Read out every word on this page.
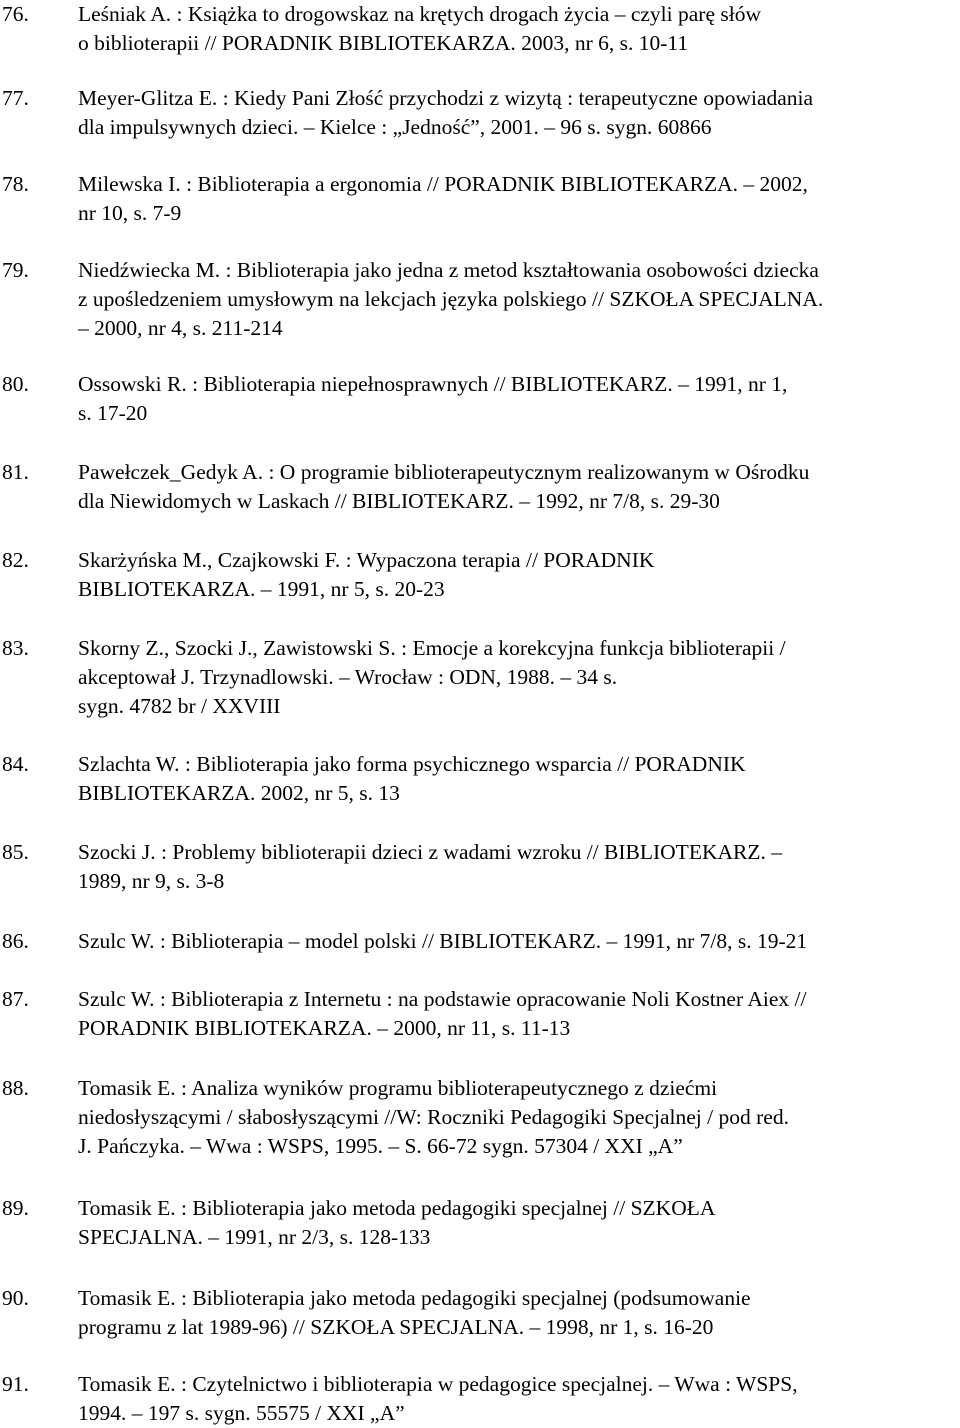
76. Leśniak A. : Książka to drogowskaz na krętych drogach życia – czyli parę słów
o biblioterapii // PORADNIK BIBLIOTEKARZA. 2003, nr 6, s. 10-11
77. Meyer-Glitza E. : Kiedy Pani Złość przychodzi z wizytą : terapeutyczne opowiadania
dla impulsywnych dzieci. – Kielce : „Jedność”, 2001. – 96 s. sygn. 60866
78. Milewska I. : Biblioterapia a ergonomia // PORADNIK BIBLIOTEKARZA. – 2002,
nr 10, s. 7-9
79. Niedźwiecka M. : Biblioterapia jako jedna z metod kształtowania osobowości dziecka
z upośledzeniem umysłowym na lekcjach języka polskiego // SZKOŁA SPECJALNA.
– 2000, nr 4, s. 211-214
80. Ossowski R. : Biblioterapia niepełnosprawnych // BIBLIOTEKARZ. – 1991, nr 1,
s. 17-20
81. Pawełczek_Gedyk A. : O programie biblioterapeutycznym realizowanym w Ośrodku
dla Niewidomych w Laskach // BIBLIOTEKARZ. – 1992, nr 7/8, s. 29-30
82. Skarżyńska M., Czajkowski F. : Wypaczona terapia // PORADNIK
BIBLIOTEKARZA. – 1991, nr 5, s. 20-23
83. Skorny Z., Szocki J., Zawistowski S. : Emocje a korekcyjna funkcja biblioterapii /
akceptował J. Trzynadlowski. – Wrocław : ODN, 1988. – 34 s.
sygn. 4782 br / XXVIII
84. Szlachta W. : Biblioterapia jako forma psychicznego wsparcia // PORADNIK
BIBLIOTEKARZA. 2002, nr 5, s. 13
85. Szocki J. : Problemy biblioterapii dzieci z wadami wzroku // BIBLIOTEKARZ. –
1989, nr 9, s. 3-8
86. Szulc W. : Biblioterapia – model polski // BIBLIOTEKARZ. – 1991, nr 7/8, s. 19-21
87. Szulc W. : Biblioterapia z Internetu : na podstawie opracowanie Noli Kostner Aiex //
PORADNIK BIBLIOTEKARZA. – 2000, nr 11, s. 11-13
88. Tomasik E. : Analiza wyników programu biblioterapeutycznego z dziećmi
niedosłyszącymi / słabosłyszącymi //W: Roczniki Pedagogiki Specjalnej / pod red.
J. Pańczyka. – Wwa : WSPS, 1995. – S. 66-72 sygn. 57304 / XXI „A”
89. Tomasik E. : Biblioterapia jako metoda pedagogiki specjalnej // SZKOŁA
SPECJALNA. – 1991, nr 2/3, s. 128-133
90. Tomasik E. : Biblioterapia jako metoda pedagogiki specjalnej (podsumowanie
programu z lat 1989-96) // SZKOŁA SPECJALNA. – 1998, nr 1, s. 16-20
91. Tomasik E. : Czytelnictwo i biblioterapia w pedagogice specjalnej. – Wwa : WSPS,
1994. – 197 s. sygn. 55575 / XXI „A”
